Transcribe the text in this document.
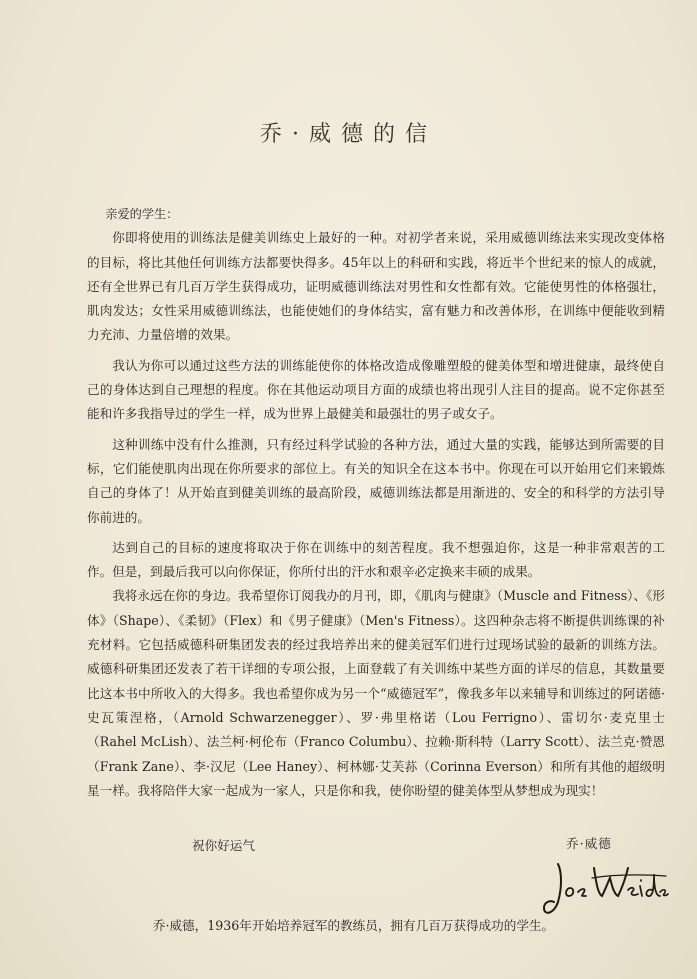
乔·威德的信

亲爱的学生：

你即将使用的训练法是健美训练史上最好的一种。对初学者来说，采用威德训练法来实现改变体格的目标，将比其他任何训练方法都要快得多。45年以上的科研和实践，将近半个世纪来的惊人的成就，还有全世界已有几百万学生获得成功，证明威德训练法对男性和女性都有效。它能使男性的体格强壮，肌肉发达；女性采用威德训练法，也能使她们的身体结实，富有魅力和改善体形，在训练中便能收到精力充沛、力量倍增的效果。

我认为你可以通过这些方法的训练能使你的体格改造成像雕塑般的健美体型和增进健康，最终使自己的身体达到自己理想的程度。你在其他运动项目方面的成绩也将出现引人注目的提高。说不定你甚至能和许多我指导过的学生一样，成为世界上最健美和最强壮的男子或女子。

这种训练中没有什么推测，只有经过科学试验的各种方法，通过大量的实践，能够达到所需要的目标，它们能使肌肉出现在你所要求的部位上。有关的知识全在这本书中。你现在可以开始用它们来锻炼自己的身体了！从开始直到健美训练的最高阶段，威德训练法都是用渐进的、安全的和科学的方法引导你前进的。

达到自己的目标的速度将取决于你在训练中的刻苦程度。我不想强迫你，这是一种非常艰苦的工作。但是，到最后我可以向你保证，你所付出的汗水和艰辛必定换来丰硕的成果。

我将永远在你的身边。我希望你订阅我办的月刊，即，《肌肉与健康》（Muscle and Fitness）、《形体》（Shape）、《柔韧》（Flex）和《男子健康》（Men's Fitness）。这四种杂志将不断提供训练课的补充材料。它包括威德科研集团发表的经过我培养出来的健美冠军们进行过现场试验的最新的训练方法。威德科研集团还发表了若干详细的专项公报，上面登载了有关训练中某些方面的详尽的信息，其数量要比这本书中所收入的大得多。我也希望你成为另一个“威德冠军”，像我多年以来辅导和训练过的阿诺德·史瓦策涅格，（Arnold Schwarzenegger）、罗·弗里格诺（Lou Ferrigno）、雷切尔·麦克里士（Rahel McLish）、法兰柯·柯伦布（Franco Columbu）、拉赖·斯科特（Larry Scott）、法兰克·赞恩（Frank Zane）、李·汉尼（Lee Haney）、柯林娜·艾芙荪（Corinna Everson）和所有其他的超级明星一样。我将陪伴大家一起成为一家人，只是你和我，使你盼望的健美体型从梦想成为现实！

祝你好运气	乔·威德
乔·威德，1936年开始培养冠军的教练员，拥有几百万获得成功的学生。
